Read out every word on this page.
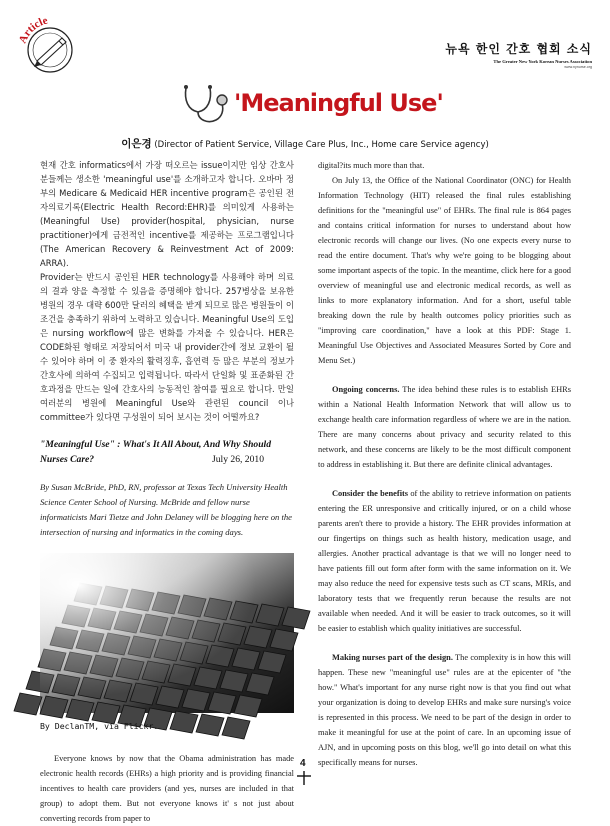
Article
뉴욕 한인 간호 협회 소식
The Greater New York Korean Nurses Association
www.nynurse.org
'Meaningful Use'
이은경 (Director of Patient Service, Village Care Plus, Inc., Home care Service agency)

현재 간호 informatics에서 가장 떠오르는 issue이지만 임상 간호사분들께는 생소한 'meaningful use'를 소개하고자 합니다. 오바마 정부의 Medicare & Medicaid HER incentive program은 공인된 전자의료기록(Electric Health Record:EHR)를 의미있게 사용하는(Meaningful Use) provider(hospital, physician, nurse practitioner)에게 금전적인 incentive를 제공하는 프로그램입니다(The American Recovery & Reinvestment Act of 2009: ARRA).

Provider는 반드시 공인된 HER technology를 사용해야 하며 의료의 결과 양을 측정할 수 있음을 증명해야 합니다. 257병상을 보유한 병원의 경우 대략 600만 달러의 혜택을 받게 되므로 많은 병원들이 이 조건을 충족하기 위하여 노력하고 있습니다. Meaningful Use의 도입은 nursing workflow에 많은 변화를 가져올 수 있습니다. HER은 CODE화된 형태로 저장되어서 미국 내 provider간에 정보 교환이 될 수 있어야 하며 이 중 환자의 활력징후, 흡연력 등 많은 부분의 정보가 간호사에 의하여 수집되고 입력됩니다. 따라서 단일화 및 표준화된 간호과정을 만드는 일에 간호사의 능동적인 참여를 필요로 합니다. 만일 여러분의 병원에 Meaningful Use와 관련된 council 이나 committee가 있다면 구성원이 되어 보시는 것이 어떨까요?

"Meaningful Use" : What's It All About, And Why Should Nurses Care?	July 26, 2010

By Susan McBride, PhD, RN, professor at Texas Tech University Health Science Center School of Nursing. McBride and fellow nurse informaticists Mari Tietze and John Delaney will be blogging here on the intersection of nursing and informatics in the coming days.

By DeclanTM, via Flickr.

Everyone knows by now that the Obama administration has made electronic health records (EHRs) a high priority and is providing financial incentives to health care providers (and yes, nurses are included in that group) to adopt them. But not everyone knows it' s not just about converting records from paper to

digital?its much more than that.

On July 13, the Office of the National Coordinator (ONC) for Health Information Technology (HIT) released the final rules establishing definitions for the "meaningful use" of EHRs. The final rule is 864 pages and contains critical information for nurses to understand about how electronic records will change our lives. (No one expects every nurse to read the entire document. That's why we're going to be blogging about some important aspects of the topic. In the meantime, click here for a good overview of meaningful use and electronic medical records, as well as links to more explanatory information. And for a short, useful table breaking down the rule by health outcomes policy priorities such as "improving care coordination," have a look at this PDF: Stage 1. Meaningful Use Objectives and Associated Measures Sorted by Core and Menu Set.)

Ongoing concerns. The idea behind these rules is to establish EHRs within a National Health Information Network that will allow us to exchange health care information regardless of where we are in the nation. There are many concerns about privacy and security related to this network, and these concerns are likely to be the most difficult component to address in establishing it. But there are definite clinical advantages.

Consider the benefits of the ability to retrieve information on patients entering the ER unresponsive and critically injured, or on a child whose parents aren't there to provide a history. The EHR provides information at our fingertips on things such as health history, medication usage, and allergies. Another practical advantage is that we will no longer need to have patients fill out form after form with the same information on it. We may also reduce the need for expensive tests such as CT scans, MRIs, and laboratory tests that we frequently rerun because the results are not available when needed. And it will be easier to track outcomes, so it will be easier to establish which quality initiatives are successful.

Making nurses part of the design. The complexity is in how this will happen. These new "meaningful use" rules are at the epicenter of "the how." What's important for any nurse right now is that you find out what your organization is doing to develop EHRs and make sure nursing's voice is represented in this process. We need to be part of the design in order to make it meaningful for use at the point of care. In an upcoming issue of AJN, and in upcoming posts on this blog, we'll go into detail on what this specifically means for nurses.

4
